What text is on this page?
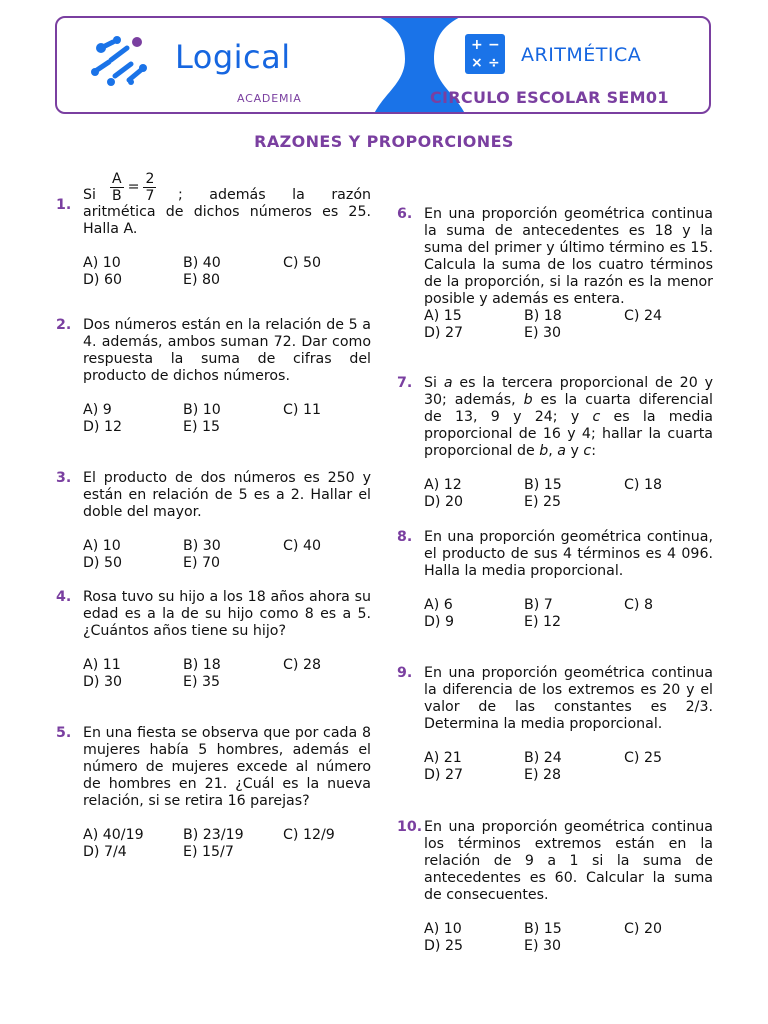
Logical
ACADEMIA
+ −
× ÷ ARITMÉTICA
CIRCULO ESCOLAR SEM01
RAZONES Y PROPORCIONES
1.
Si $\frac{A}{B} = \frac{2}{7}$	; además la razón aritmética de dichos números es 25. Halla A.
A) 10	B) 40	C) 50
D) 60	E) 80
2. Dos números están en la relación de 5 a 4. además, ambos suman 72. Dar como respuesta la suma de cifras del producto de dichos números.
A) 9	B) 10	C) 11
D) 12	E) 15
3. El producto de dos números es 250 y están en relación de 5 es a 2. Hallar el doble del mayor.
A) 10	B) 30	C) 40
D) 50	E) 70
4. Rosa tuvo su hijo a los 18 años ahora su edad es a la de su hijo como 8 es a 5. ¿Cuántos años tiene su hijo?
A) 11	B) 18	C) 28
D) 30	E) 35
5. En una fiesta se observa que por cada 8 mujeres había 5 hombres, además el número de mujeres excede al número de hombres en 21. ¿Cuál es la nueva relación, si se retira 16 parejas?
A) 40/19	B) 23/19	C) 12/9
D) 7/4	E) 15/7
6. En una proporción geométrica continua la suma de antecedentes es 18 y la suma del primer y último término es 15. Calcula la suma de los cuatro términos de la proporción, si la razón es la menor posible y además es entera.
A) 15	B) 18	C) 24
D) 27	E) 30
7. Si a es la tercera proporcional de 20 y 30; además, b es la cuarta diferencial de 13, 9 y 24; y c es la media proporcional de 16 y 4; hallar la cuarta proporcional de b, a y c:
A) 12	B) 15	C) 18
D) 20	E) 25
8. En una proporción geométrica continua, el producto de sus 4 términos es 4 096. Halla la media proporcional.
A) 6	B) 7	C) 8
D) 9	E) 12
9. En una proporción geométrica continua la diferencia de los extremos es 20 y el valor de las constantes es 2/3. Determina la media proporcional.
A) 21	B) 24	C) 25
D) 27	E) 28
10. En una proporción geométrica continua los términos extremos están en la relación de 9 a 1 si la suma de antecedentes es 60. Calcular la suma de consecuentes.
A) 10	B) 15	C) 20
D) 25	E) 30
